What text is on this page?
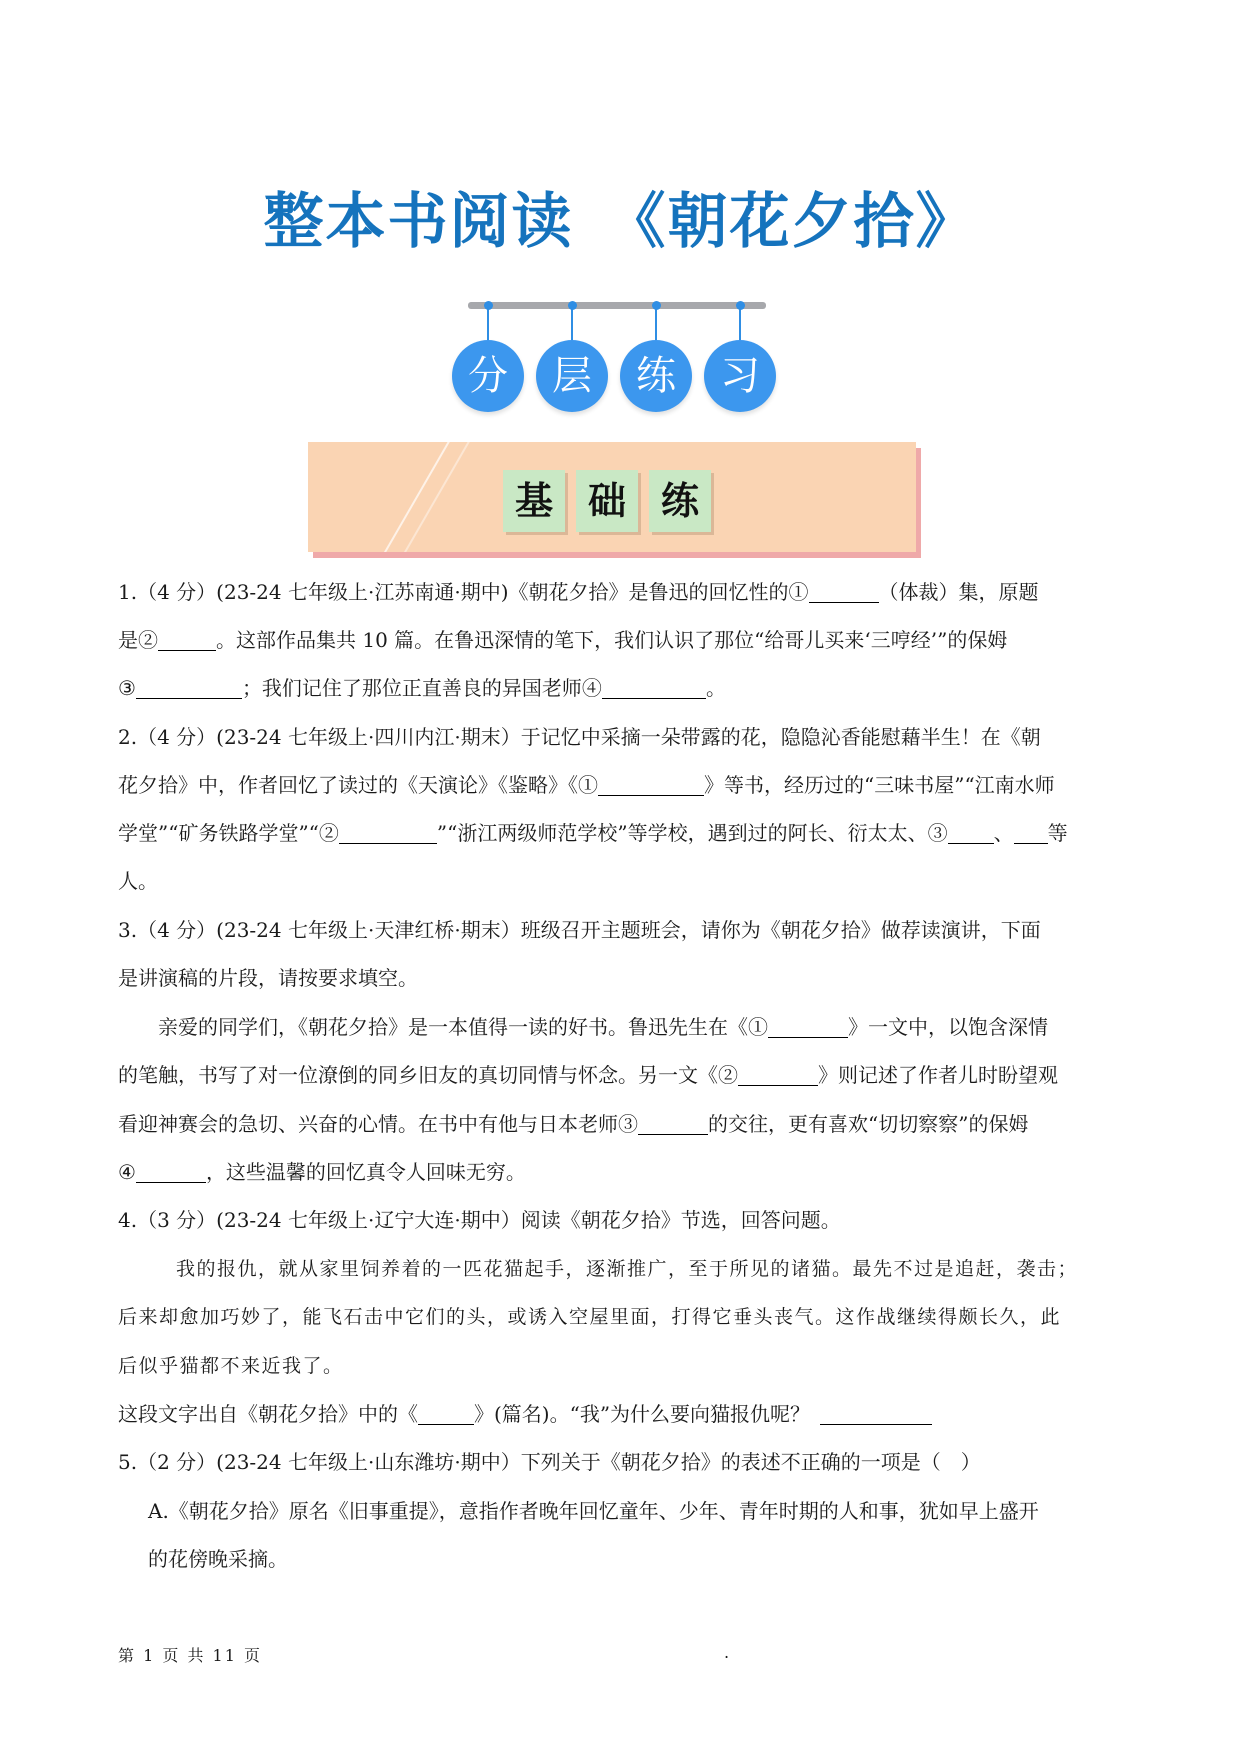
整本书阅读　《朝花夕拾》
分	层	练	习
基 础 练
1.（4 分）(23-24 七年级上·江苏南通·期中)《朝花夕拾》是鲁迅的回忆性的①	（体裁）集，原题
是②	。这部作品集共 10 篇。在鲁迅深情的笔下，我们认识了那位“给哥儿买来‘三哼经’”的保姆
③	；我们记住了那位正直善良的异国老师④	。
2.（4 分）(23-24 七年级上·四川内江·期末）于记忆中采摘一朵带露的花，隐隐沁香能慰藉半生！在《朝
花夕拾》中，作者回忆了读过的《天演论》《鉴略》《①	》等书，经历过的“三味书屋”“江南水师
学堂”“矿务铁路学堂”“②	”“浙江两级师范学校”等学校，遇到过的阿长、衍太太、③ 、 等
人。
3.（4 分）(23-24 七年级上·天津红桥·期末）班级召开主题班会，请你为《朝花夕拾》做荐读演讲，下面
是讲演稿的片段，请按要求填空。
亲爱的同学们，《朝花夕拾》是一本值得一读的好书。鲁迅先生在《①	》一文中，以饱含深情
的笔触，书写了对一位潦倒的同乡旧友的真切同情与怀念。另一文《②	》则记述了作者儿时盼望观
看迎神赛会的急切、兴奋的心情。在书中有他与日本老师③	的交往，更有喜欢“切切察察”的保姆
④	，这些温馨的回忆真令人回味无穷。
4.（3 分）(23-24 七年级上·辽宁大连·期中）阅读《朝花夕拾》节选，回答问题。
我的报仇，就从家里饲养着的一匹花猫起手，逐渐推广，至于所见的诸猫。最先不过是追赶，袭击；
后来却愈加巧妙了，能飞石击中它们的头，或诱入空屋里面，打得它垂头丧气。这作战继续得颇长久，此
后似乎猫都不来近我了。
这段文字出自《朝花夕拾》中的《	》(篇名)。“我”为什么要向猫报仇呢？
5.（2 分）(23-24 七年级上·山东潍坊·期中）下列关于《朝花夕拾》的表述不正确的一项是（　）
A.《朝花夕拾》原名《旧事重提》，意指作者晚年回忆童年、少年、青年时期的人和事，犹如早上盛开
的花傍晚采摘。
第 1 页 共 11 页	.
